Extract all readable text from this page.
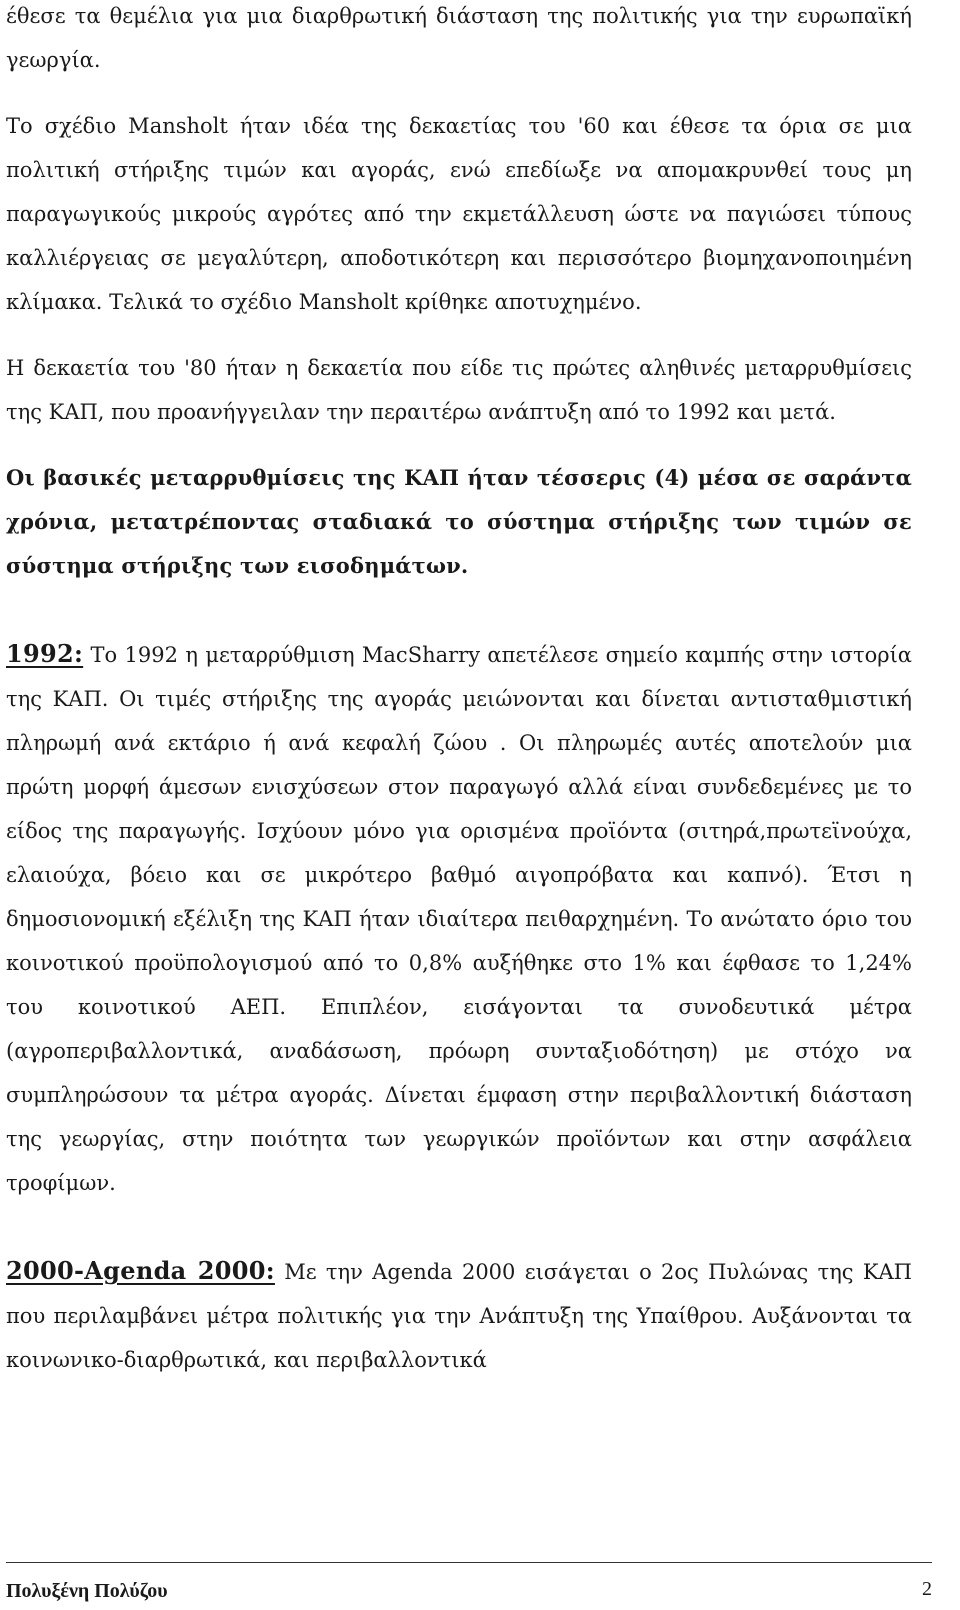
έθεσε τα θεμέλια για μια διαρθρωτική διάσταση της πολιτικής για την ευρωπαϊκή γεωργία.

Το σχέδιο Mansholt ήταν ιδέα της δεκαετίας του '60 και έθεσε τα όρια σε μια πολιτική στήριξης τιμών και αγοράς, ενώ επεδίωξε να απομακρυνθεί τους μη παραγωγικούς μικρούς αγρότες από την εκμετάλλευση ώστε να παγιώσει τύπους καλλιέργειας σε μεγαλύτερη, αποδοτικότερη και περισσότερο βιομηχανοποιημένη κλίμακα. Τελικά το σχέδιο Mansholt κρίθηκε αποτυχημένο.

Η δεκαετία του '80 ήταν η δεκαετία που είδε τις πρώτες αληθινές μεταρρυθμίσεις της ΚΑΠ, που προανήγγειλαν την περαιτέρω ανάπτυξη από το 1992 και μετά.

Οι βασικές μεταρρυθμίσεις της ΚΑΠ ήταν τέσσερις (4) μέσα σε σαράντα χρόνια, μετατρέποντας σταδιακά το σύστημα στήριξης των τιμών σε σύστημα στήριξης των εισοδημάτων.

1992: Το 1992 η μεταρρύθμιση MacSharry απετέλεσε σημείο καμπής στην ιστορία της ΚΑΠ. Οι τιμές στήριξης της αγοράς μειώνονται και δίνεται αντισταθμιστική πληρωμή ανά εκτάριο ή ανά κεφαλή ζώου . Οι πληρωμές αυτές αποτελούν μια πρώτη μορφή άμεσων ενισχύσεων στον παραγωγό αλλά είναι συνδεδεμένες με το είδος της παραγωγής. Ισχύουν μόνο για ορισμένα προϊόντα (σιτηρά,πρωτεϊνούχα, ελαιούχα, βόειο και σε μικρότερο βαθμό αιγοπρόβατα και καπνό). Έτσι η δημοσιονομική εξέλιξη της ΚΑΠ ήταν ιδιαίτερα πειθαρχημένη. Το ανώτατο όριο του κοινοτικού προϋπολογισμού από το 0,8% αυξήθηκε στο 1% και έφθασε το 1,24% του κοινοτικού ΑΕΠ. Επιπλέον, εισάγονται τα συνοδευτικά μέτρα (αγροπεριβαλλοντικά, αναδάσωση, πρόωρη συνταξιοδότηση) με στόχο να συμπληρώσουν τα μέτρα αγοράς. Δίνεται έμφαση στην περιβαλλοντική διάσταση της γεωργίας, στην ποιότητα των γεωργικών προϊόντων και στην ασφάλεια τροφίμων.

2000-Agenda 2000: Με την Agenda 2000 εισάγεται ο 2ος Πυλώνας της ΚΑΠ που περιλαμβάνει μέτρα πολιτικής για την Ανάπτυξη της Υπαίθρου. Αυξάνονται τα κοινωνικο-διαρθρωτικά, και περιβαλλοντικά

Πολυξένη Πολύζου	2
